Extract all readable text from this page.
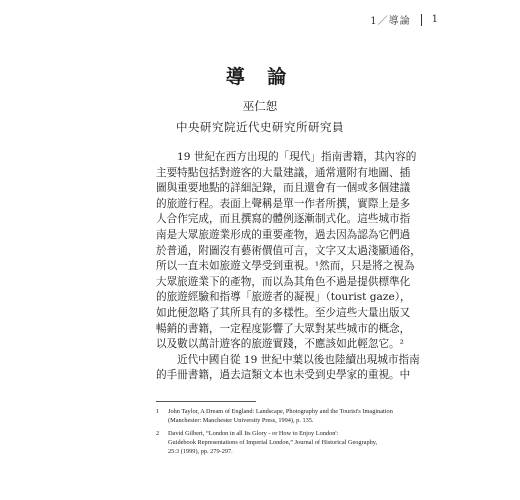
1／導論 1
導 論
巫仁恕
中央研究院近代史研究所研究員
19 世紀在西方出現的「現代」指南書籍，其內容的
主要特點包括對遊客的大量建議，通常還附有地圖、插
圖與重要地點的詳細記錄，而且還會有一個或多個建議
的旅遊行程。表面上聲稱是單一作者所撰，實際上是多
人合作完成，而且撰寫的體例逐漸制式化。這些城市指
南是大眾旅遊業形成的重要產物，過去因為認為它們過
於普通，附圖沒有藝術價值可言，文字又太過淺顯通俗，
所以一直未如旅遊文學受到重視。¹然而，只是將之視為
大眾旅遊業下的產物，而以為其角色不過是提供標準化
的旅遊經驗和指導「旅遊者的凝視」（tourist gaze），
如此便忽略了其所具有的多樣性。至少這些大量出版又
暢銷的書籍，一定程度影響了大眾對某些城市的概念，
以及數以萬計遊客的旅遊實踐，不應該如此輕忽它。²
近代中國自從 19 世紀中葉以後也陸續出現城市指南
的手冊書籍，過去這類文本也未受到史學家的重視。中
1	John Taylor, A Dream of England: Landscape, Photography and the Tourist's Imagination
(Manchester: Manchester University Press, 1994), p. 135.
2	David Gilbert, “London in all Its Glory - or How to Enjoy London':
Guidebook Representations of Imperial London,” Journal of Historical Geography,
25:3 (1999), pp. 279-297.
